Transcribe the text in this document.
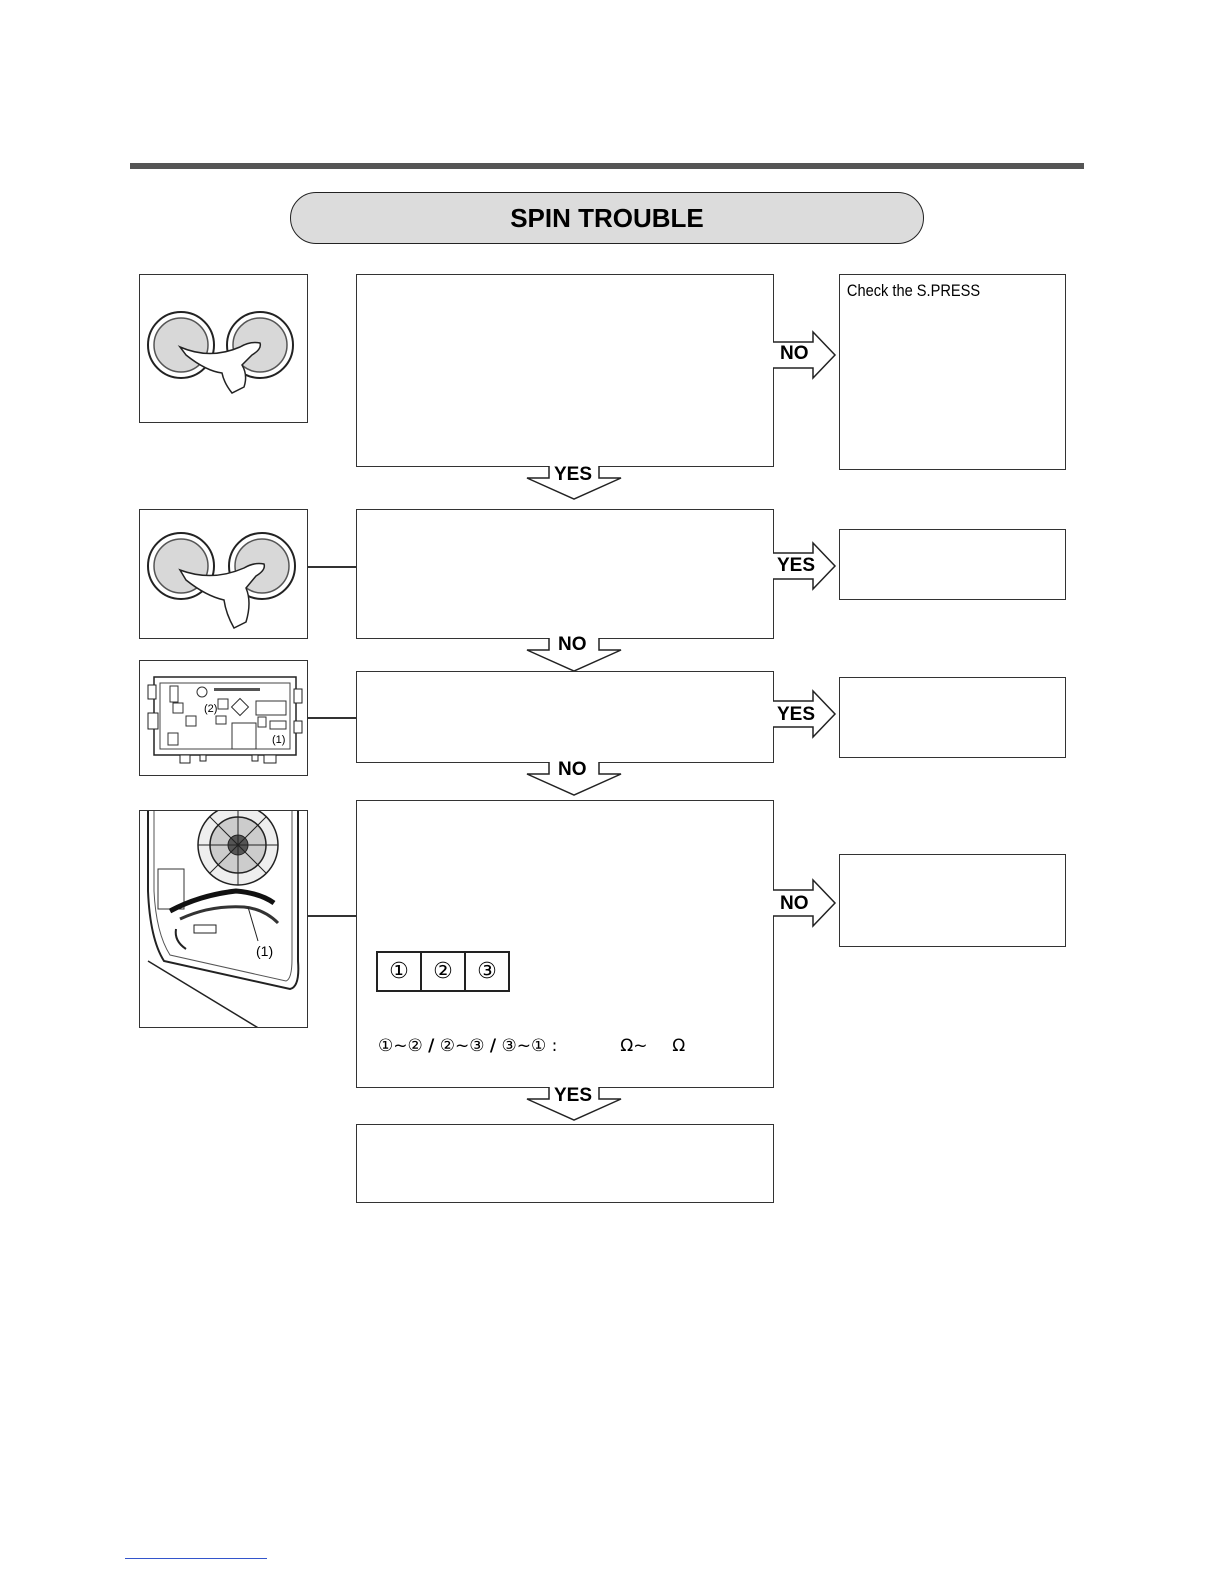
SPIN TROUBLE
Check the S.PRESS
NO
YES
YES
NO
(2)
(1)
YES
NO
(1)
①	②	③
①~② / ②~③ / ③~① :	Ω~ Ω
NO
YES
